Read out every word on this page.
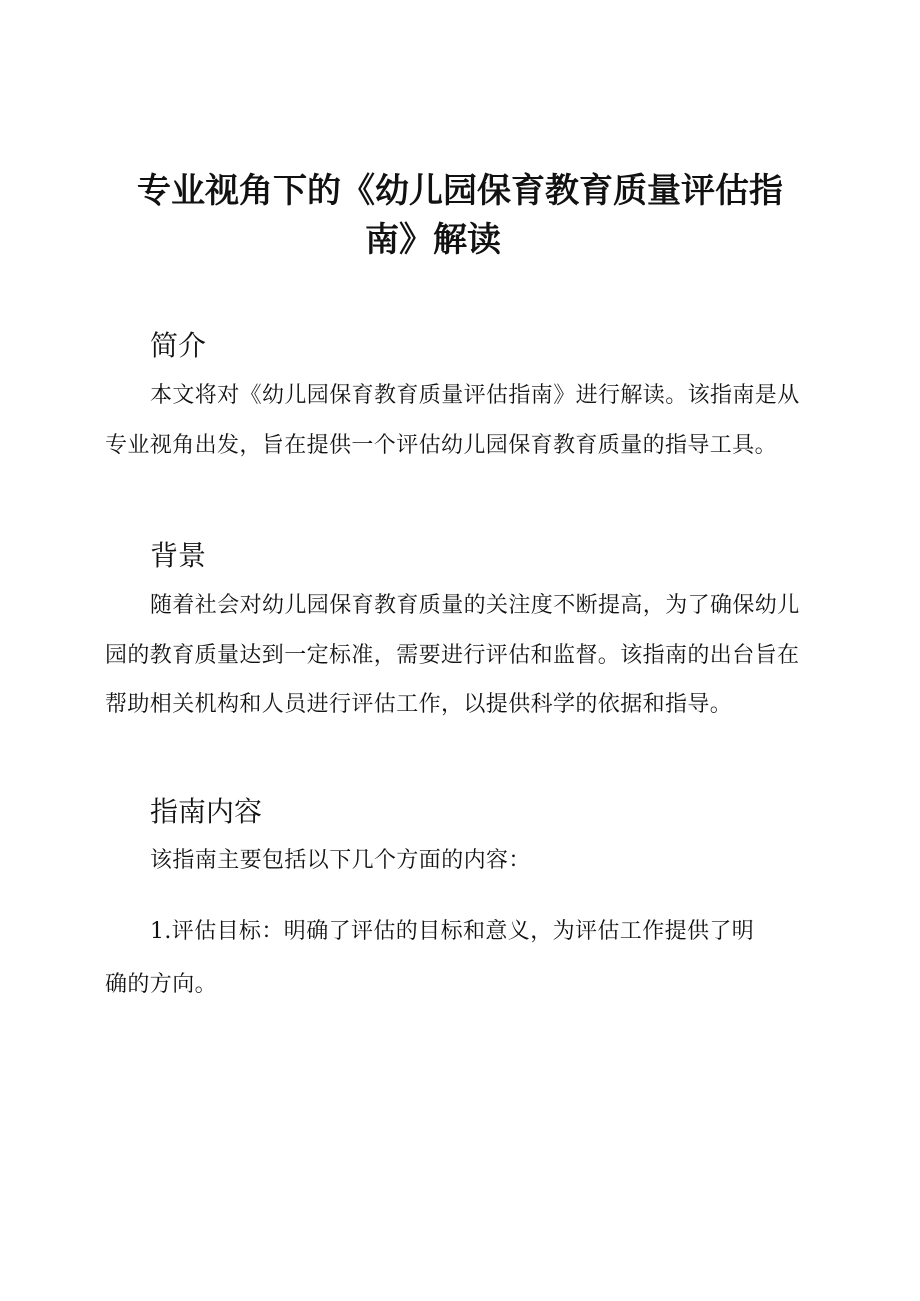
专业视角下的《幼儿园保育教育质量评估指
南》解读
简介

本文将对《幼儿园保育教育质量评估指南》进行解读。该指南是从

专业视角出发，旨在提供一个评估幼儿园保育教育质量的指导工具。

背景

随着社会对幼儿园保育教育质量的关注度不断提高，为了确保幼儿

园的教育质量达到一定标准，需要进行评估和监督。该指南的出台旨在

帮助相关机构和人员进行评估工作，以提供科学的依据和指导。

指南内容

该指南主要包括以下几个方面的内容：

1.评估目标：明确了评估的目标和意义，为评估工作提供了明

确的方向。
